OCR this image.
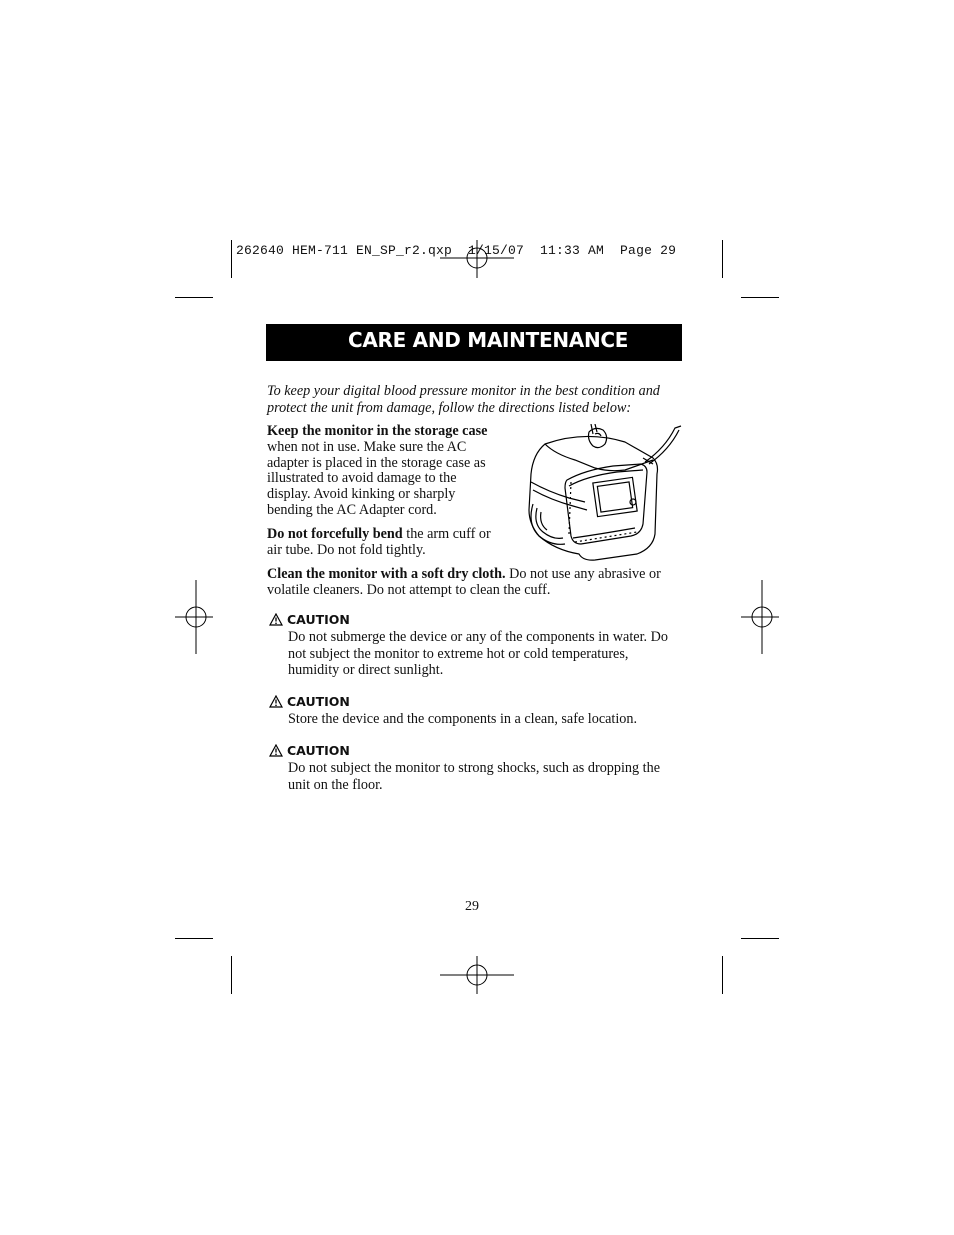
262640 HEM-711 EN_SP_r2.qxp  1/15/07  11:33 AM  Page 29
CARE AND MAINTENANCE
To keep your digital blood pressure monitor in the best condition and protect the unit from damage, follow the directions listed below:
Keep the monitor in the storage case when not in use. Make sure the AC adapter is placed in the storage case as illustrated to avoid damage to the display. Avoid kinking or sharply bending the AC Adapter cord.
Do not forcefully bend the arm cuff or air tube. Do not fold tightly.
Clean the monitor with a soft dry cloth. Do not use any abrasive or volatile cleaners. Do not attempt to clean the cuff.
CAUTION
Do not submerge the device or any of the components in water. Do not subject the monitor to extreme hot or cold temperatures, humidity or direct sunlight.
CAUTION
Store the device and the components in a clean, safe location.
CAUTION
Do not subject the monitor to strong shocks, such as dropping the unit on the floor.
29
